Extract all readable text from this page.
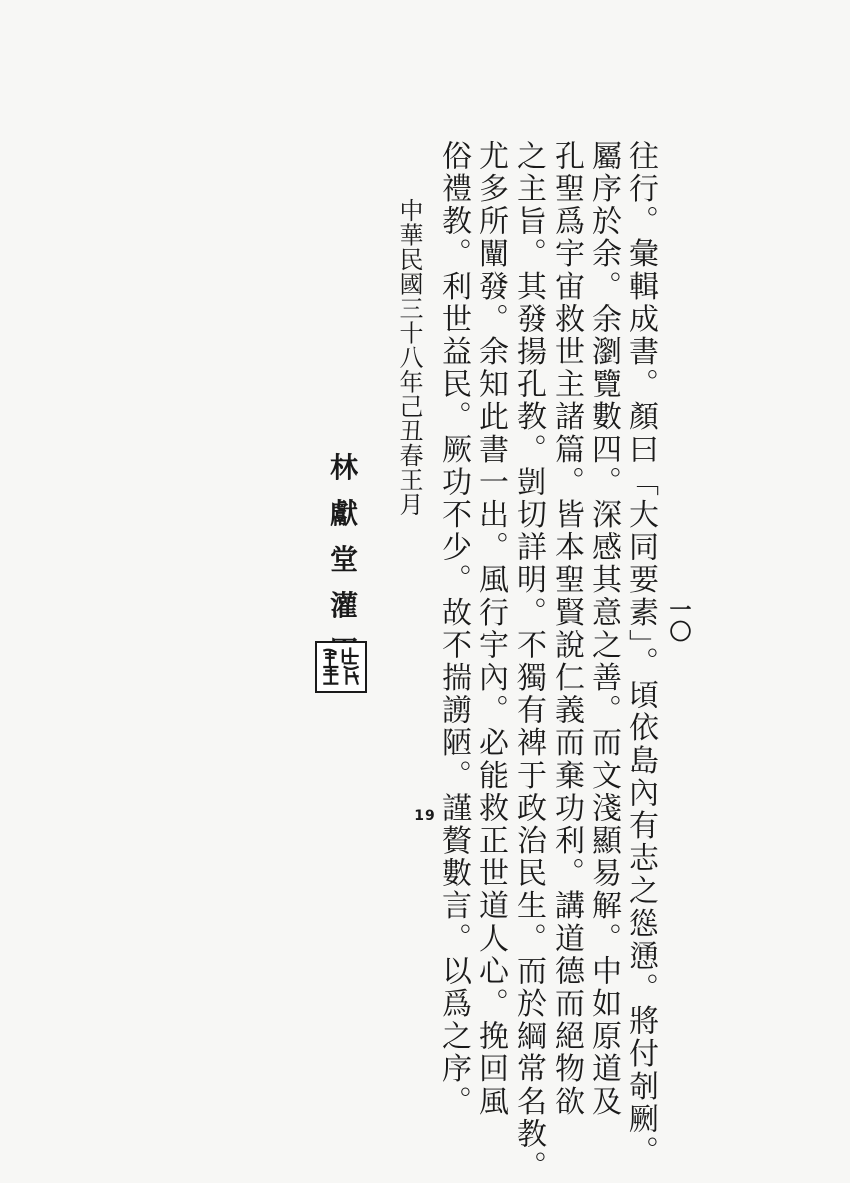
一〇
往行。彙輯成書。顏曰「大同要素」。頃依島內有志之慫慂。將付剞劂。
屬序於余。余瀏覽數四。深感其意之善。而文淺顯易解。中如原道及
孔聖爲宇宙救世主諸篇。皆本聖賢說仁義而棄功利。講道德而絕物欲
之主旨。其發揚孔教。剴切詳明。不獨有裨于政治民生。而於綱常名教。
尤多所闡發。余知此書一出。風行宇內。必能救正世道人心。挽回風
俗禮教。利世益民。厥功不少。故不揣謭陋。謹贅數言。以爲之序。
中華民國三十八年己丑春王月
林
獻
堂
灌
19
